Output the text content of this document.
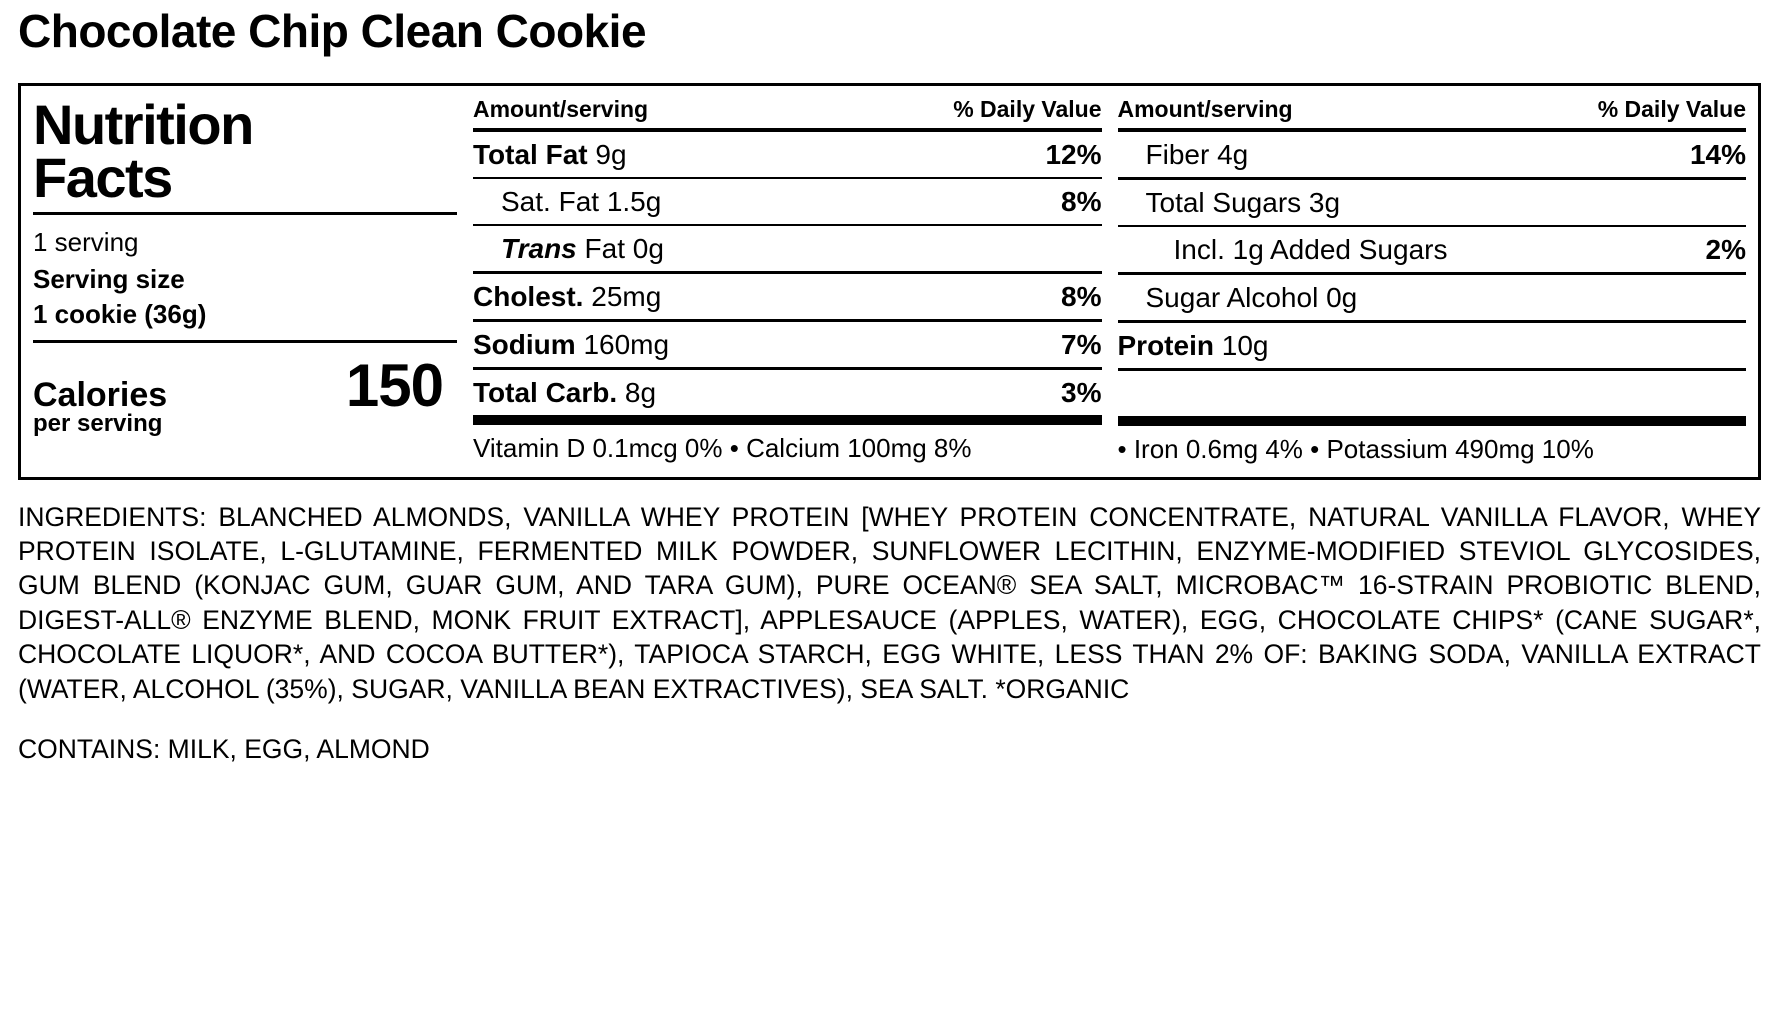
Chocolate Chip Clean Cookie
Nutrition
Facts
1 serving
Serving size
1 cookie (36g)
Calories
per serving
150
Amount/serving	% Daily Value
Total Fat 9g	12%
Sat. Fat 1.5g	8%
Trans Fat 0g
Cholest. 25mg	8%
Sodium 160mg	7%
Total Carb. 8g	3%
Vitamin D 0.1mcg 0% • Calcium 100mg 8%
Amount/serving	% Daily Value
Fiber 4g	14%
Total Sugars 3g
Incl. 1g Added Sugars	2%
Sugar Alcohol 0g
Protein 10g

• Iron 0.6mg 4% • Potassium 490mg 10%
INGREDIENTS: BLANCHED ALMONDS, VANILLA WHEY PROTEIN [WHEY PROTEIN CONCENTRATE, NATURAL VANILLA FLAVOR, WHEY PROTEIN ISOLATE, L-GLUTAMINE, FERMENTED MILK POWDER, SUNFLOWER LECITHIN, ENZYME-MODIFIED STEVIOL GLYCOSIDES, GUM BLEND (KONJAC GUM, GUAR GUM, AND TARA GUM), PURE OCEAN® SEA SALT, MICROBAC™ 16-STRAIN PROBIOTIC BLEND, DIGEST-ALL® ENZYME BLEND, MONK FRUIT EXTRACT], APPLESAUCE (APPLES, WATER), EGG, CHOCOLATE CHIPS* (CANE SUGAR*, CHOCOLATE LIQUOR*, AND COCOA BUTTER*), TAPIOCA STARCH, EGG WHITE, LESS THAN 2% OF: BAKING SODA, VANILLA EXTRACT (WATER, ALCOHOL (35%), SUGAR, VANILLA BEAN EXTRACTIVES), SEA SALT. *ORGANIC
CONTAINS: MILK, EGG, ALMOND
